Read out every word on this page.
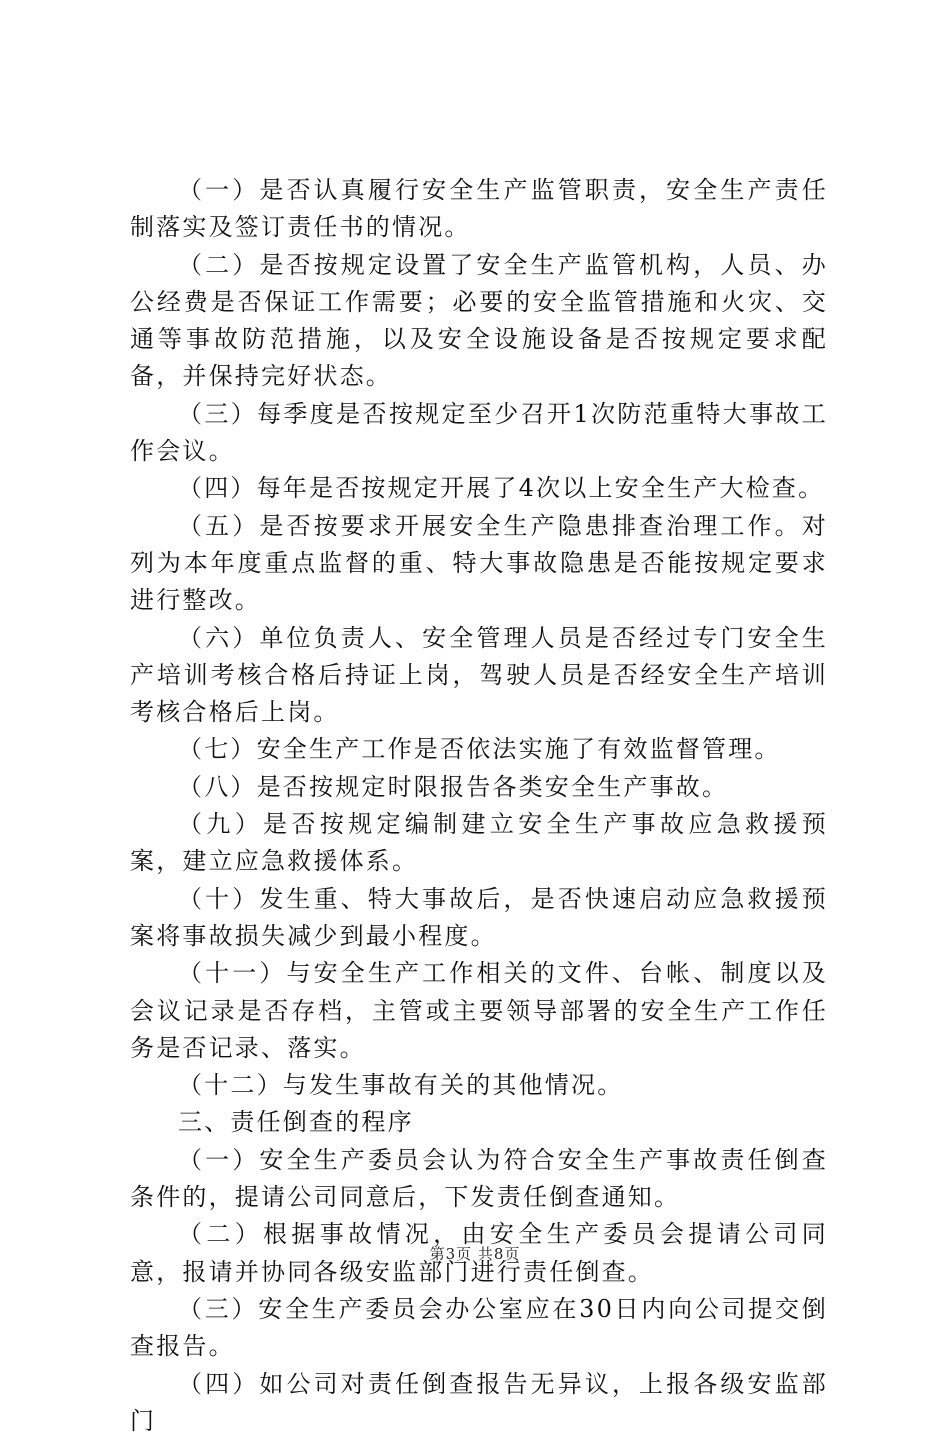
（一）是否认真履行安全生产监管职责，安全生产责任制落实及签订责任书的情况。

（二）是否按规定设置了安全生产监管机构，人员、办公经费是否保证工作需要；必要的安全监管措施和火灾、交通等事故防范措施，以及安全设施设备是否按规定要求配备，并保持完好状态。

（三）每季度是否按规定至少召开1次防范重特大事故工作会议。

（四）每年是否按规定开展了4次以上安全生产大检查。

（五）是否按要求开展安全生产隐患排查治理工作。对列为本年度重点监督的重、特大事故隐患是否能按规定要求进行整改。

（六）单位负责人、安全管理人员是否经过专门安全生产培训考核合格后持证上岗，驾驶人员是否经安全生产培训考核合格后上岗。

（七）安全生产工作是否依法实施了有效监督管理。

（八）是否按规定时限报告各类安全生产事故。

（九）是否按规定编制建立安全生产事故应急救援预案，建立应急救援体系。

（十）发生重、特大事故后，是否快速启动应急救援预案将事故损失减少到最小程度。

（十一）与安全生产工作相关的文件、台帐、制度以及会议记录是否存档，主管或主要领导部署的安全生产工作任务是否记录、落实。

（十二）与发生事故有关的其他情况。

三、责任倒查的程序

（一）安全生产委员会认为符合安全生产事故责任倒查条件的，提请公司同意后，下发责任倒查通知。

（二）根据事故情况，由安全生产委员会提请公司同意，报请并协同各级安监部门进行责任倒查。

（三）安全生产委员会办公室应在30日内向公司提交倒查报告。

（四）如公司对责任倒查报告无异议，上报各级安监部门

第3页 共8页
